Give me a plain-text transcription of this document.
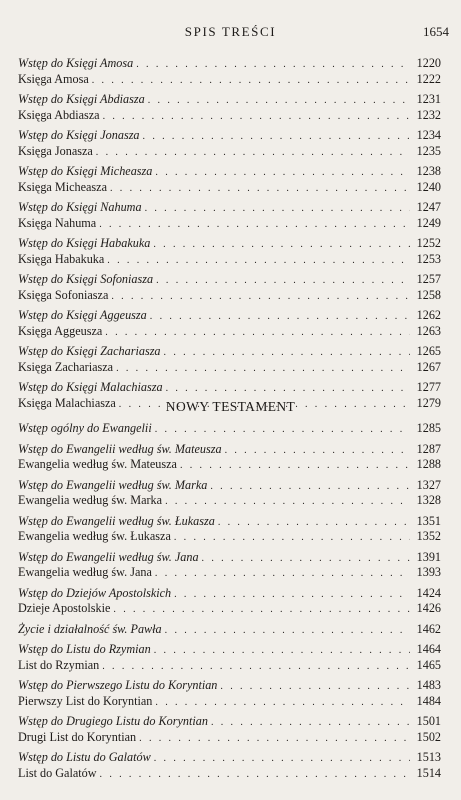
SPIS TREŚCI	1654
Wstęp do Księgi Amosa . . .	1220
Księga Amosa . . .	1222
Wstęp do Księgi Abdiasza . . .	1231
Księga Abdiasza . . .	1232
Wstęp do Księgi Jonasza . . .	1234
Księga Jonasza . . .	1235
Wstęp do Księgi Micheasza . . .	1238
Księga Micheasza . . .	1240
Wstęp do Księgi Nahuma . . .	1247
Księga Nahuma . . .	1249
Wstęp do Księgi Habakuka . . .	1252
Księga Habakuka . . .	1253
Wstęp do Księgi Sofoniasza . . .	1257
Księga Sofoniasza . . .	1258
Wstęp do Księgi Aggeusza . . .	1262
Księga Aggeusza . . .	1263
Wstęp do Księgi Zachariasza . . .	1265
Księga Zachariasza . . .	1267
Wstęp do Księgi Malachiasza . . .	1277
Księga Malachiasza . . .	1279
NOWY TESTAMENT
Wstęp ogólny do Ewangelii . . .	1285
Wstęp do Ewangelii według św. Mateusza . . .	1287
Ewangelia według św. Mateusza . . .	1288
Wstęp do Ewangelii według św. Marka . . .	1327
Ewangelia według św. Marka . . .	1328
Wstęp do Ewangelii według św. Łukasza . . .	1351
Ewangelia według św. Łukasza . . .	1352
Wstęp do Ewangelii według św. Jana . . .	1391
Ewangelia według św. Jana . . .	1393
Wstęp do Dziejów Apostolskich . . .	1424
Dzieje Apostolskie . . .	1426
Życie i działalność św. Pawła . . .	1462
Wstęp do Listu do Rzymian . . .	1464
List do Rzymian . . .	1465
Wstęp do Pierwszego Listu do Koryntian . . .	1483
Pierwszy List do Koryntian . . .	1484
Wstęp do Drugiego Listu do Koryntian . . .	1501
Drugi List do Koryntian . . .	1502
Wstęp do Listu do Galatów . . .	1513
List do Galatów . . .	1514
